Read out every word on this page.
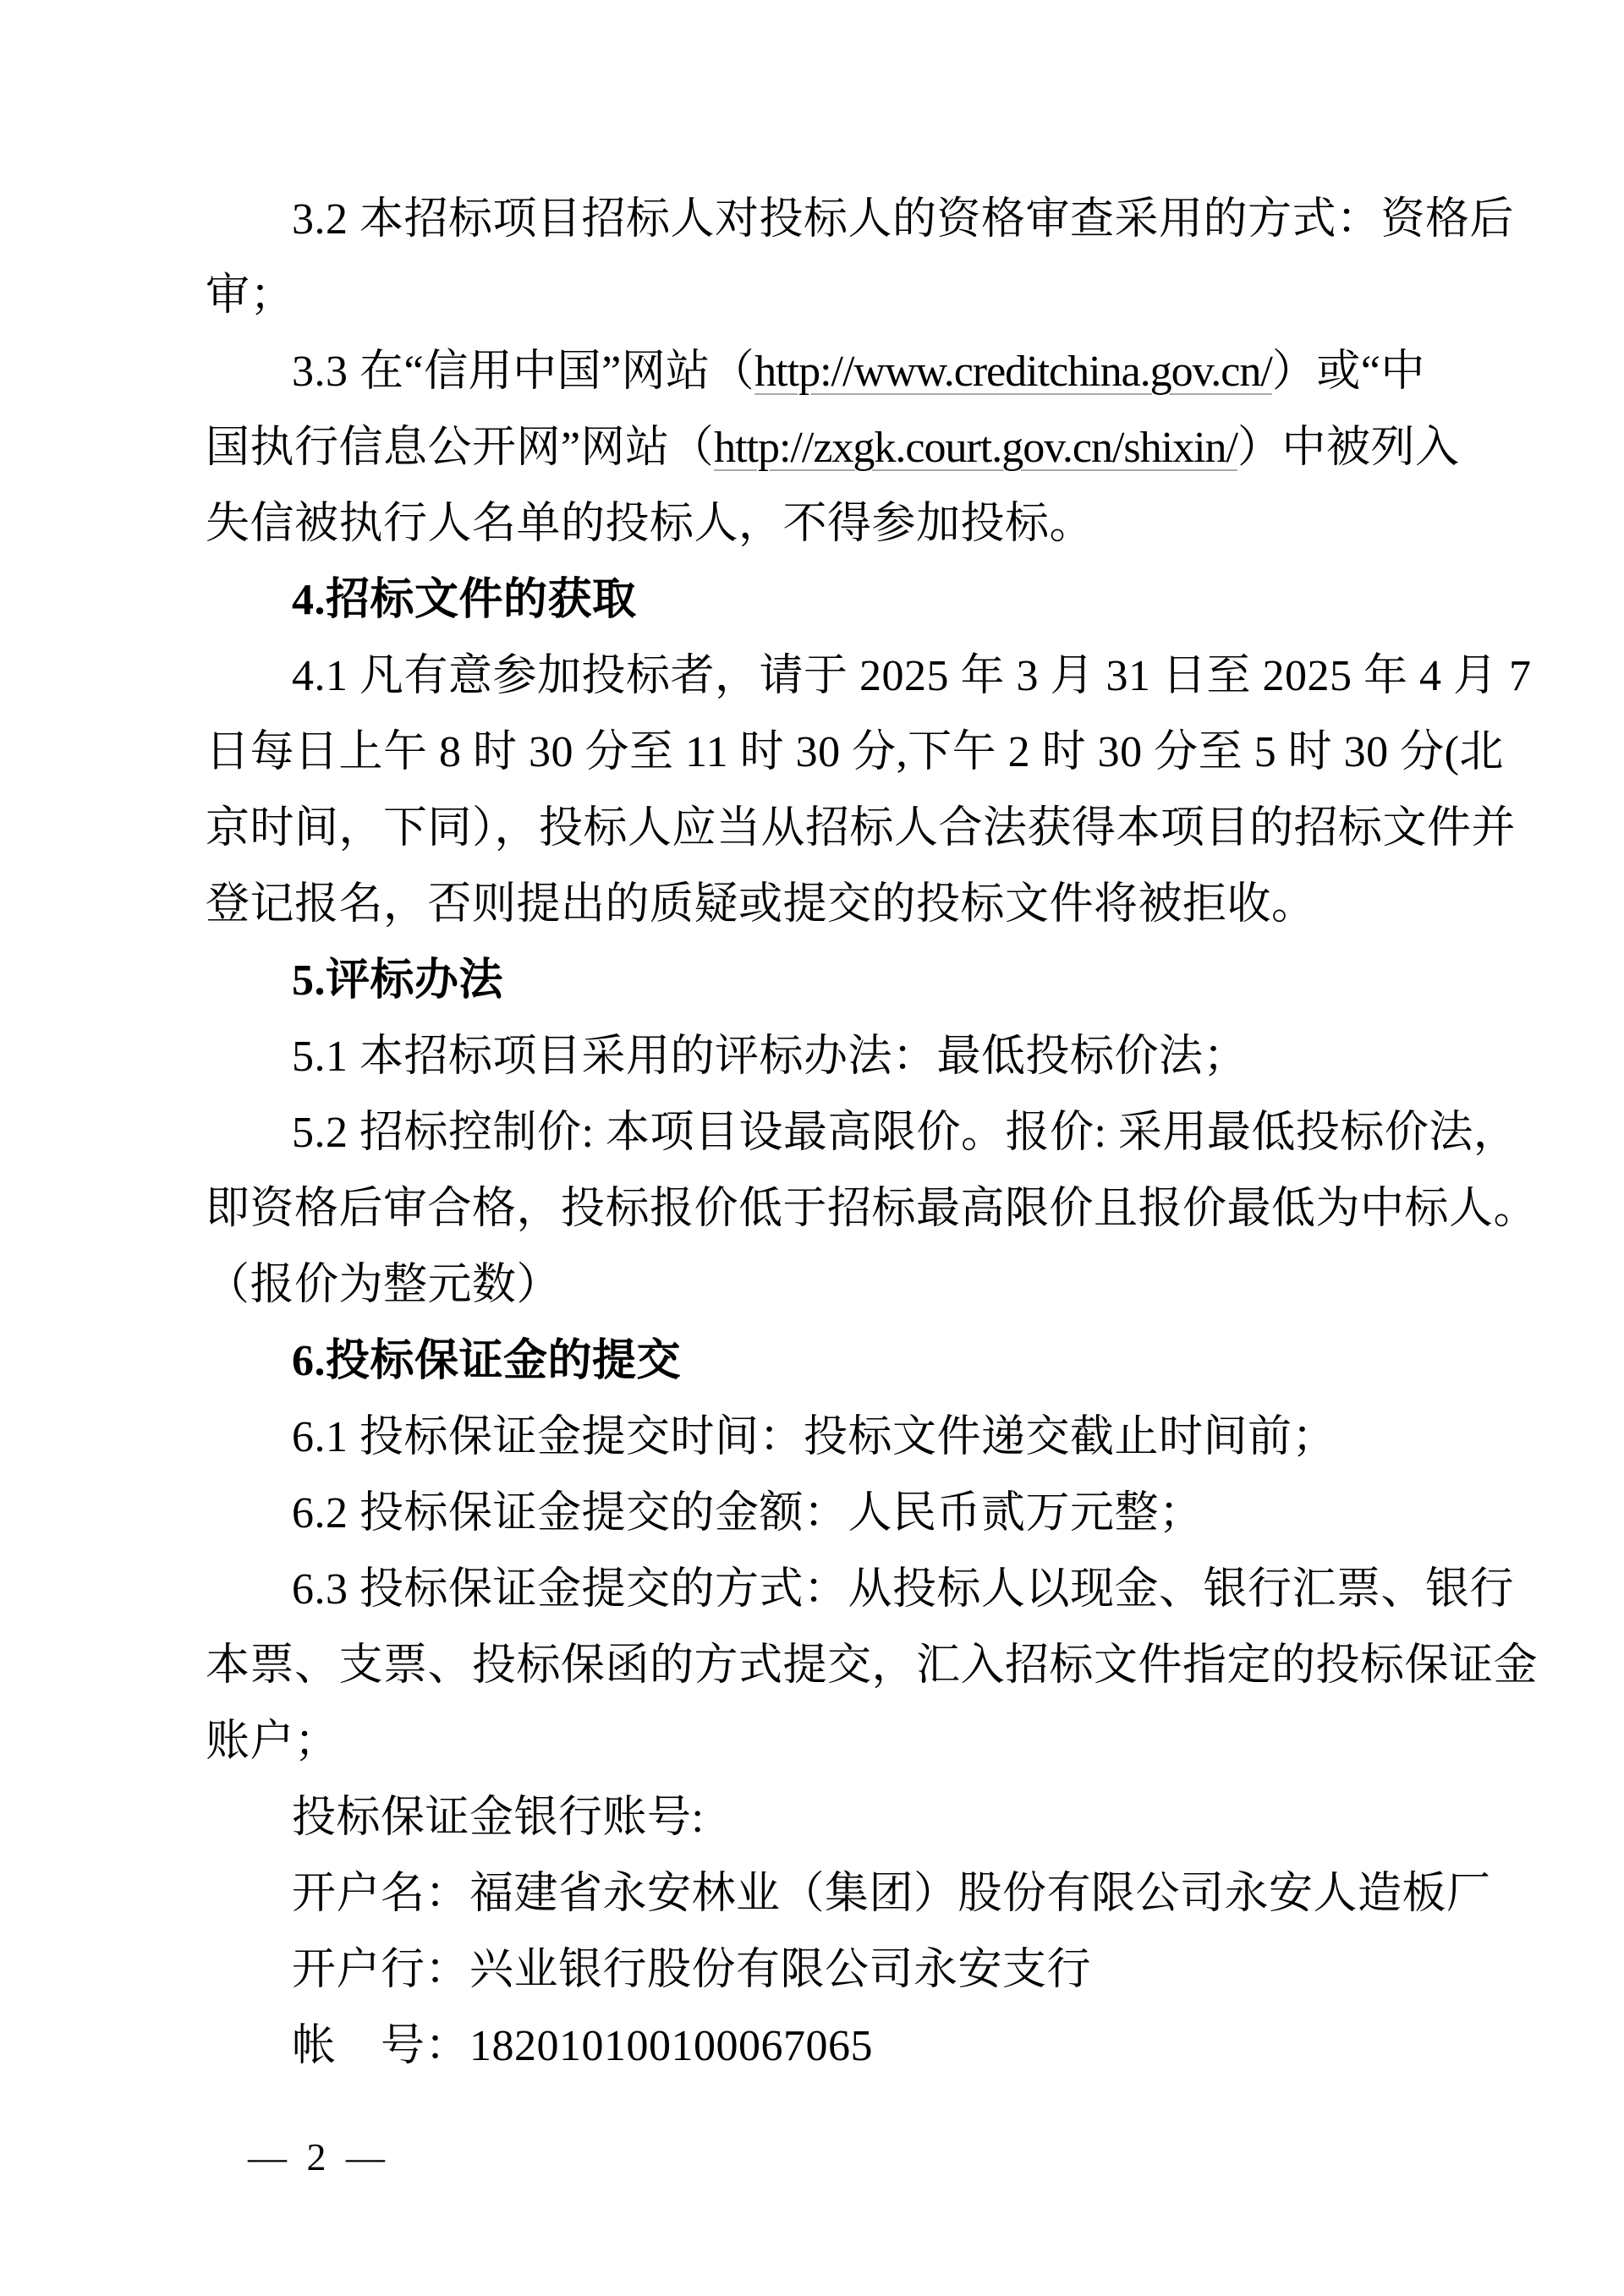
3.2 本招标项目招标人对投标人的资格审查采用的方式：资格后
审；
3.3 在“信用中国”网站（http://www.creditchina.gov.cn/）或“中
国执行信息公开网”网站（http://zxgk.court.gov.cn/shixin/）中被列入
失信被执行人名单的投标人，不得参加投标。
4.招标文件的获取
4.1 凡有意参加投标者，请于 2025 年 3 月 31 日至 2025 年 4 月 7
日每日上午 8 时 30 分至 11 时 30 分,下午 2 时 30 分至 5 时 30 分(北
京时间，下同），投标人应当从招标人合法获得本项目的招标文件并
登记报名，否则提出的质疑或提交的投标文件将被拒收。
5.评标办法
5.1 本招标项目采用的评标办法：最低投标价法；
5.2 招标控制价: 本项目设最高限价。报价: 采用最低投标价法，
即资格后审合格，投标报价低于招标最高限价且报价最低为中标人。
（报价为整元数）
6.投标保证金的提交
6.1 投标保证金提交时间：投标文件递交截止时间前；
6.2 投标保证金提交的金额：人民币贰万元整；
6.3 投标保证金提交的方式：从投标人以现金、银行汇票、银行
本票、支票、投标保函的方式提交，汇入招标文件指定的投标保证金
账户；
投标保证金银行账号:
开户名：福建省永安林业（集团）股份有限公司永安人造板厂
开户行：兴业银行股份有限公司永安支行
帐　号：182010100100067065
— 2 —
